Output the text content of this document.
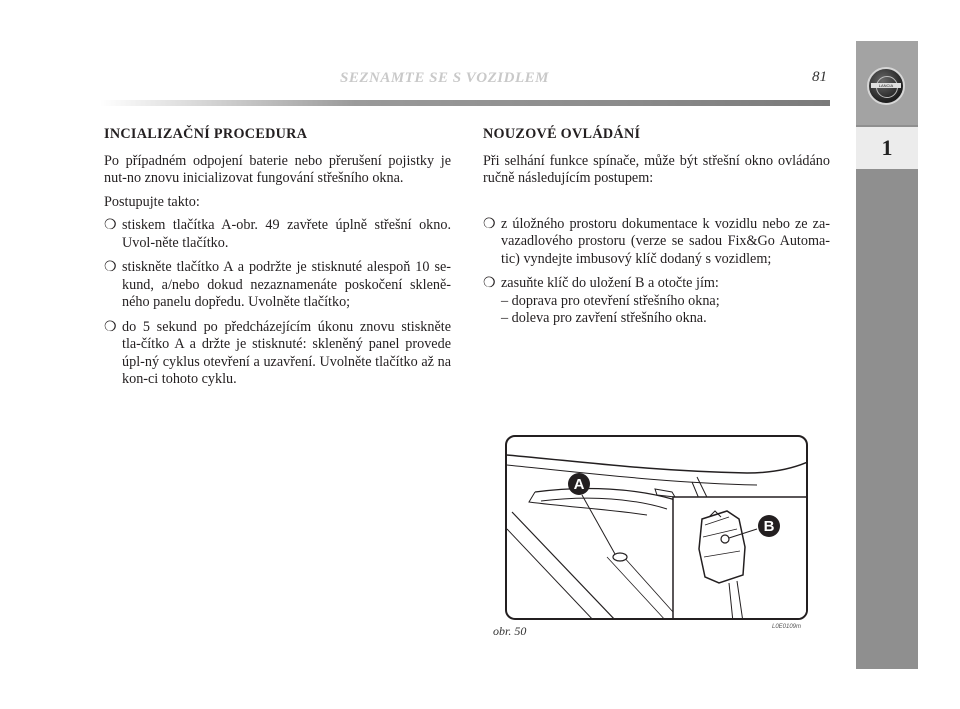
SEZNAMTE SE S VOZIDLEM	81
LANCIA
1
INCIALIZAČNÍ PROCEDURA

Po případném odpojení baterie nebo přerušení pojistky je nut-no znovu inicializovat fungování střešního okna.

Postupujte takto:

❍ stiskem tlačítka A-obr. 49 zavřete úplně střešní okno. Uvol-něte tlačítko.
❍ stiskněte tlačítko A a podržte je stisknuté alespoň 10 se-kund, a/nebo dokud nezaznamenáte poskočení skleně-ného panelu dopředu. Uvolněte tlačítko;
❍ do 5 sekund po předcházejícím úkonu znovu stiskněte tla-čítko A a držte je stisknuté: skleněný panel provede úpl-ný cyklus otevření a uzavření. Uvolněte tlačítko až na kon-ci tohoto cyklu.
NOUZOVÉ OVLÁDÁNÍ

Při selhání funkce spínače, může být střešní okno ovládáno ručně následujícím postupem:

❍ z úložného prostoru dokumentace k vozidlu nebo ze za-vazadlového prostoru (verze se sadou Fix&Go Automa-tic) vyndejte imbusový klíč dodaný s vozidlem;
❍ zasuňte klíč do uložení B a otočte jím:
– doprava pro otevření střešního okna;
– doleva pro zavření střešního okna.
A
B
obr. 50	L0E0109m
